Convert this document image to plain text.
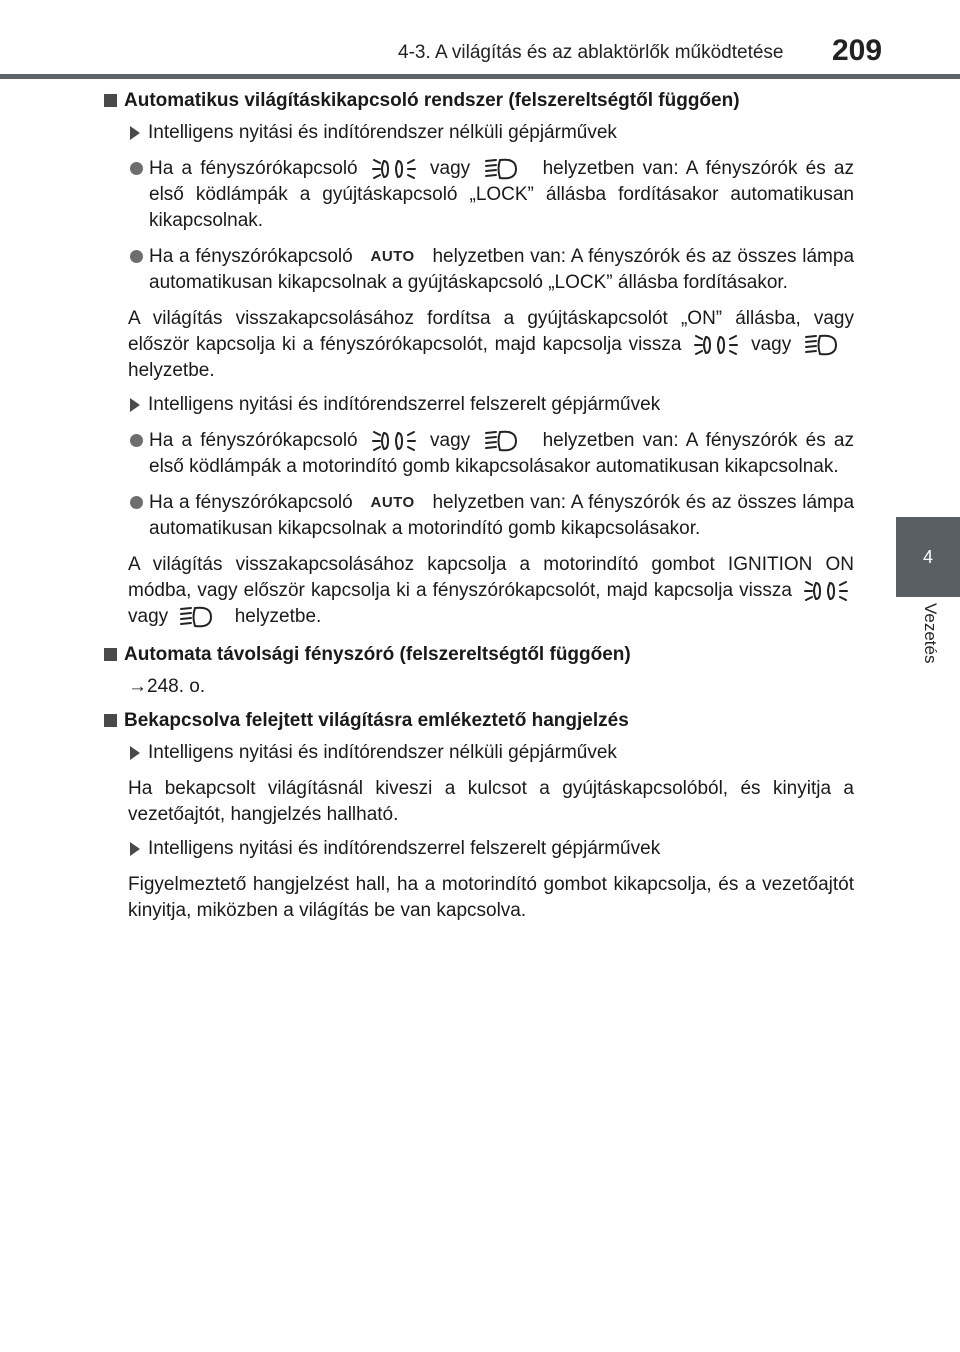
4-3. A világítás és az ablaktörlők működtetése 209
4
Vezetés
Automatikus világításkikapcsoló rendszer (felszereltségtől függően)
Intelligens nyitási és indítórendszer nélküli gépjárművek
Ha a fényszórókapcsoló	vagy	helyzetben van: A fényszórók és az első ködlámpák a gyújtáskapcsoló „LOCK” állásba fordításakor automatikusan kikapcsolnak.
Ha a fényszórókapcsoló AUTO helyzetben van: A fényszórók és az összes lámpa automatikusan kikapcsolnak a gyújtáskapcsoló „LOCK” állásba fordításakor.
A világítás visszakapcsolásához fordítsa a gyújtáskapcsolót „ON” állásba, vagy először kapcsolja ki a fényszórókapcsolót, majd kapcsolja vissza	vagy  helyzetbe.
Intelligens nyitási és indítórendszerrel felszerelt gépjárművek
Ha a fényszórókapcsoló	vagy	helyzetben van: A fényszórók és az első ködlámpák a motorindító gomb kikapcsolásakor automatikusan kikapcsolnak.
Ha a fényszórókapcsoló AUTO helyzetben van: A fényszórók és az összes lámpa automatikusan kikapcsolnak a motorindító gomb kikapcsolásakor.
A világítás visszakapcsolásához kapcsolja a motorindító gombot IGNITION ON módba, vagy először kapcsolja ki a fényszórókapcsolót, majd kapcsolja vissza  vagy	helyzetbe.
Automata távolsági fényszóró (felszereltségtől függően)
→248. o.
Bekapcsolva felejtett világításra emlékeztető hangjelzés
Intelligens nyitási és indítórendszer nélküli gépjárművek
Ha bekapcsolt világításnál kiveszi a kulcsot a gyújtáskapcsolóból, és kinyitja a vezetőajtót, hangjelzés hallható.
Intelligens nyitási és indítórendszerrel felszerelt gépjárművek
Figyelmeztető hangjelzést hall, ha a motorindító gombot kikapcsolja, és a vezetőajtót kinyitja, miközben a világítás be van kapcsolva.
